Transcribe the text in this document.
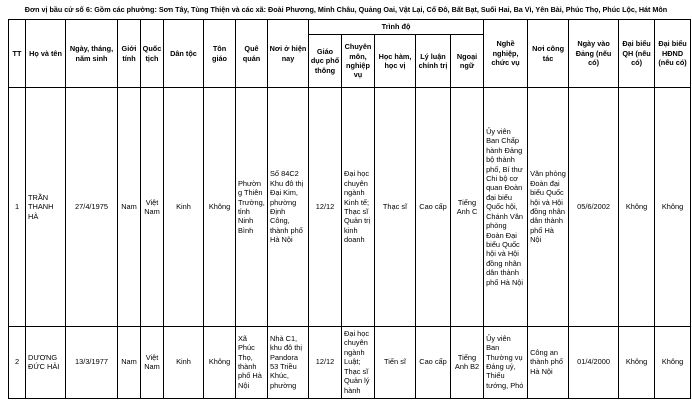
Đơn vị bầu cử số 6: Gồm các phường: Sơn Tây, Tùng Thiện và các xã: Đoài Phương, Minh Châu, Quảng Oai, Vật Lại, Cổ Đô, Bất Bạt, Suối Hai, Ba Vì, Yên Bài, Phúc Thọ, Phúc Lộc, Hát Môn
TT	Họ và tên	Ngày, tháng, năm sinh	Giới tính	Quốc tịch	Dân tộc	Tôn giáo	Quê quán	Nơi ở hiện nay	Trình độ					Nghề nghiệp, chức vụ	Nơi công tác	Ngày vào Đảng (nếu có)	Đại biểu QH (nếu có)	Đại biểu HĐND (nếu có)
									Giáo dục phổ thông	Chuyên môn, nghiệp vụ	Học hàm, học vị	Lý luận chính trị	Ngoại ngữ					
1	TRẦN THANH HÀ	27/4/1975	Nam	Việt Nam	Kinh	Không	Phường Thiên Trường, tỉnh Ninh Bình	Số 84C2 Khu đô thị Đại Kim, phường Định Công, thành phố Hà Nội	12/12	Đại học chuyên ngành Kinh tế; Thạc sĩ Quản trị kinh doanh	Thạc sĩ	Cao cấp	Tiếng Anh C	Ủy viên Ban Chấp hành Đảng bộ thành phố, Bí thư Chi bộ cơ quan Đoàn đại biểu Quốc hội, Chánh Văn phòng Đoàn Đại biểu Quốc hội và Hội đồng nhân dân thành phố Hà Nội	Văn phòng Đoàn đại biểu Quốc hội và Hội đồng nhân dân thành phố Hà Nội	05/6/2002	Không	Không

2	DƯƠNG ĐỨC HẢI	13/3/1977	Nam	Việt Nam	Kinh	Không	Xã Phúc Thọ, thành phố Hà Nội	Nhà C1, khu đô thị Pandora 53 Triều Khúc, phường	12/12	Đại học chuyên ngành Luật; Thạc sĩ Quản lý hành	Tiến sĩ	Cao cấp	Tiếng Anh B2	Ủy viên Ban Thường vụ Đảng uỷ, Thiếu tướng, Phó	Công an thành phố Hà Nội	01/4/2000	Không	Không
